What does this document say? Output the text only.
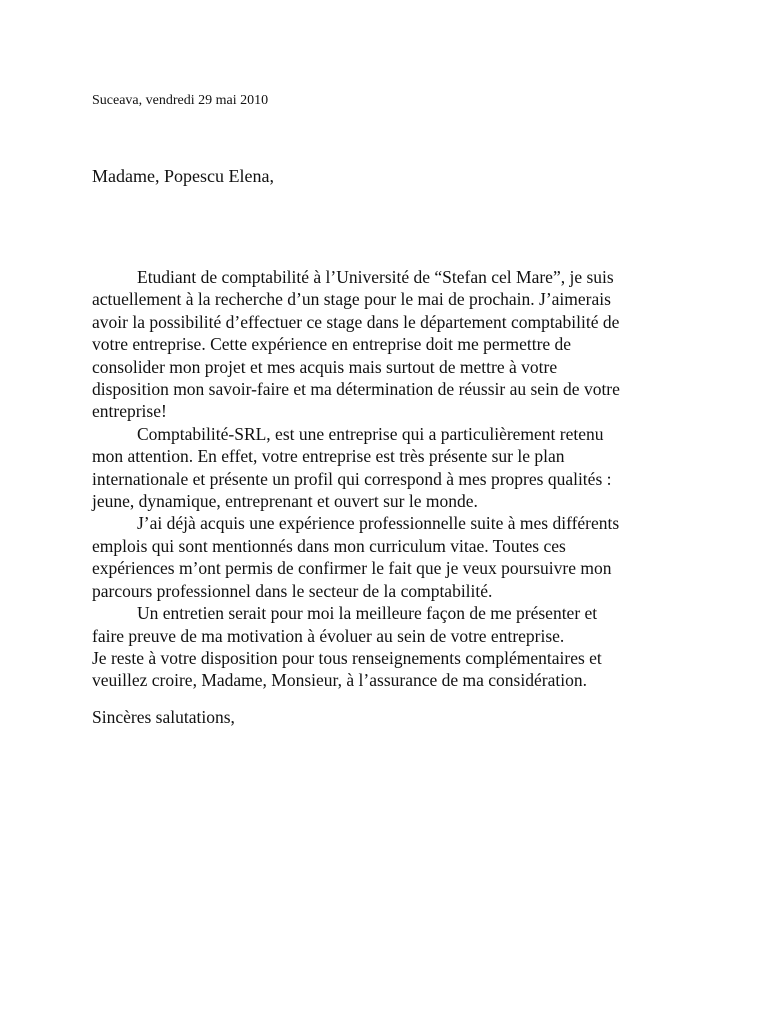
Suceava, vendredi 29 mai 2010
Madame, Popescu Elena,
Etudiant de comptabilité à l’Université de “Stefan cel Mare”, je suis
actuellement à la recherche d’un stage pour le mai de prochain. J’aimerais
avoir la possibilité d’effectuer ce stage dans le département comptabilité de
votre entreprise. Cette expérience en entreprise doit me permettre de
consolider mon projet et mes acquis mais surtout de mettre à votre
disposition mon savoir-faire et ma détermination de réussir au sein de votre
entreprise!
Comptabilité-SRL, est une entreprise qui a particulièrement retenu
mon attention. En effet, votre entreprise est très présente sur le plan
internationale et présente un profil qui correspond à mes propres qualités :
jeune, dynamique, entreprenant et ouvert sur le monde.
J’ai déjà acquis une expérience professionnelle suite à mes différents
emplois qui sont mentionnés dans mon curriculum vitae. Toutes ces
expériences m’ont permis de confirmer le fait que je veux poursuivre mon
parcours professionnel dans le secteur de la comptabilité.
Un entretien serait pour moi la meilleure façon de me présenter et
faire preuve de ma motivation à évoluer au sein de votre entreprise.
Je reste à votre disposition pour tous renseignements complémentaires et
veuillez croire, Madame, Monsieur, à l’assurance de ma considération.
Sincères salutations,
